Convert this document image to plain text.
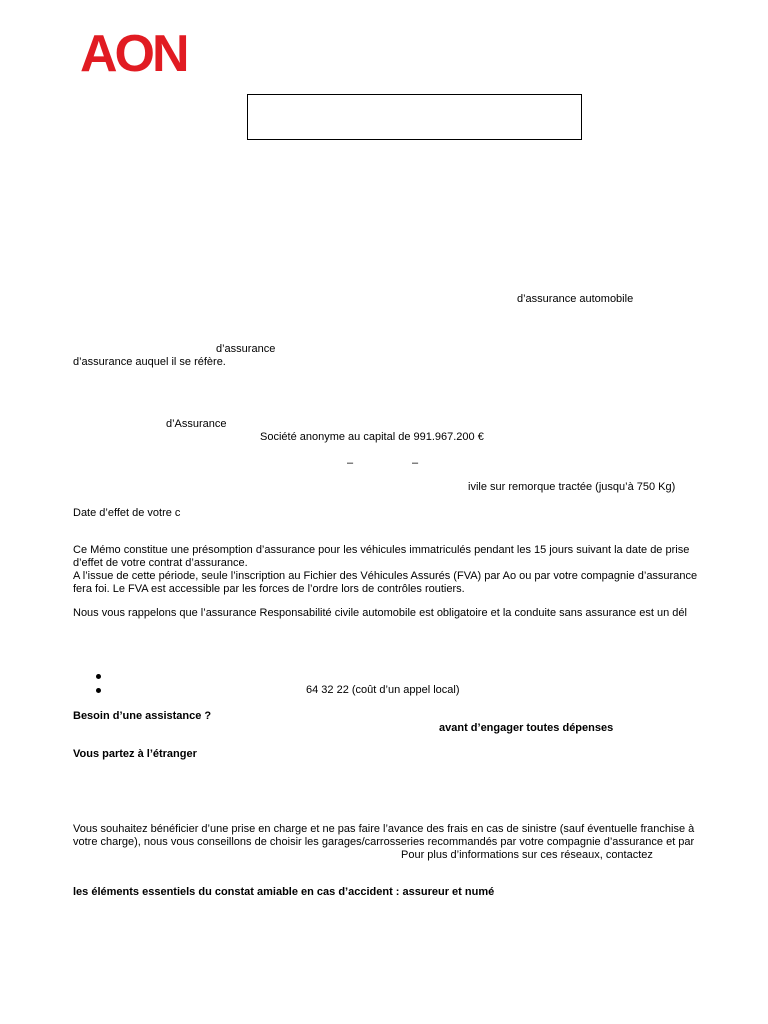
AON
d’assurance automobile
d’assurance
d’assurance auquel il se réfère.
d’Assurance
Société anonyme au capital de 991.967.200 €
–	–
ivile sur remorque tractée (jusqu’à 750 Kg)
Date d’effet de votre c
Ce Mémo constitue une présomption d’assurance pour les véhicules immatriculés pendant les 15 jours suivant la date de prise
d’effet de votre contrat d’assurance.
A l’issue de cette période, seule l’inscription au Fichier des Véhicules Assurés (FVA) par Ao ou par votre compagnie d’assurance
fera foi. Le FVA est accessible par les forces de l’ordre lors de contrôles routiers.
Nous vous rappelons que l’assurance Responsabilité civile automobile est obligatoire et la conduite sans assurance est un dél
64 32 22 (coût d’un appel local)
Besoin d’une assistance ?
avant d’engager toutes dépenses
Vous partez à l’étranger
Vous souhaitez bénéficier d’une prise en charge et ne pas faire l’avance des frais en cas de sinistre (sauf éventuelle franchise à
votre charge), nous vous conseillons de choisir les garages/carrosseries recommandés par votre compagnie d’assurance et par
Pour plus d’informations sur ces réseaux, contactez
les éléments essentiels du constat amiable en cas d’accident : assureur et numé
